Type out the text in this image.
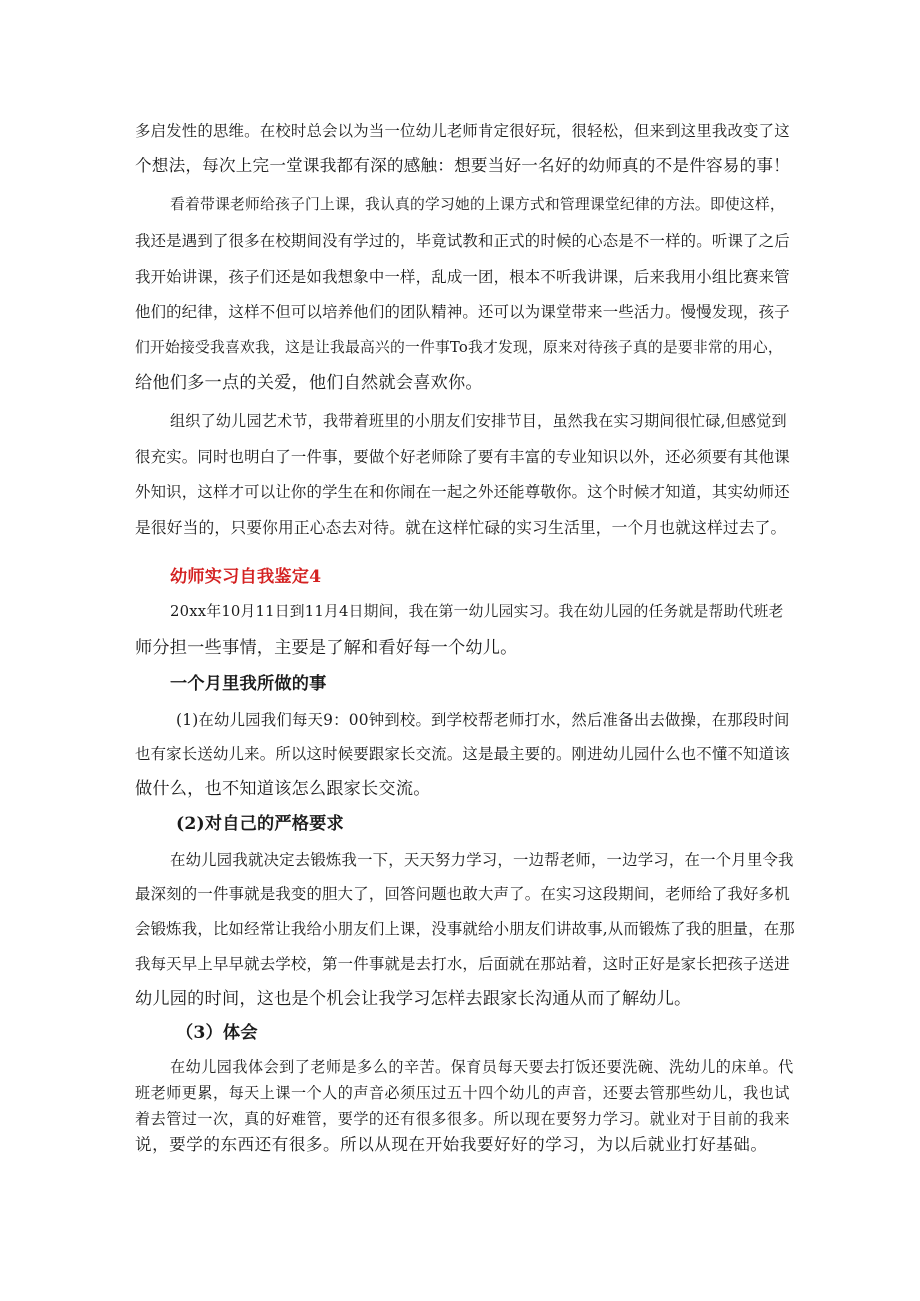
多启发性的思维。在校时总会以为当一位幼儿老师肯定很好玩，很轻松，但来到这里我改变了这
个想法，每次上完一堂课我都有深的感触：想要当好一名好的幼师真的不是件容易的事！
看着带课老师给孩子门上课，我认真的学习她的上课方式和管理课堂纪律的方法。即使这样，
我还是遇到了很多在校期间没有学过的，毕竟试教和正式的时候的心态是不一样的。听课了之后
我开始讲课，孩子们还是如我想象中一样，乱成一团，根本不听我讲课，后来我用小组比赛来管
他们的纪律，这样不但可以培养他们的团队精神。还可以为课堂带来一些活力。慢慢发现，孩子
们开始接受我喜欢我，这是让我最高兴的一件事To我才发现，原来对待孩子真的是要非常的用心，
给他们多一点的关爱，他们自然就会喜欢你。
组织了幼儿园艺术节，我带着班里的小朋友们安排节目，虽然我在实习期间很忙碌,但感觉到
很充实。同时也明白了一件事，要做个好老师除了要有丰富的专业知识以外，还必须要有其他课
外知识，这样才可以让你的学生在和你闹在一起之外还能尊敬你。这个时候才知道，其实幼师还
是很好当的，只要你用正心态去对待。就在这样忙碌的实习生活里，一个月也就这样过去了。
幼师实习自我鉴定4
20xx年10月11日到11月4日期间，我在第一幼儿园实习。我在幼儿园的任务就是帮助代班老
师分担一些事情，主要是了解和看好每一个幼儿。
一个月里我所做的事
(1)在幼儿园我们每天9：00钟到校。到学校帮老师打水，然后准备出去做操，在那段时间
也有家长送幼儿来。所以这时候要跟家长交流。这是最主要的。刚进幼儿园什么也不懂不知道该
做什么，也不知道该怎么跟家长交流。
(2)对自己的严格要求
在幼儿园我就决定去锻炼我一下，天天努力学习，一边帮老师，一边学习，在一个月里令我
最深刻的一件事就是我变的胆大了，回答问题也敢大声了。在实习这段期间，老师给了我好多机
会锻炼我，比如经常让我给小朋友们上课，没事就给小朋友们讲故事,从而锻炼了我的胆量，在那
我每天早上早早就去学校，第一件事就是去打水，后面就在那站着，这时正好是家长把孩子送进
幼儿园的时间，这也是个机会让我学习怎样去跟家长沟通从而了解幼儿。
（3）体会
在幼儿园我体会到了老师是多么的辛苦。保育员每天要去打饭还要洗碗、洗幼儿的床单。代
班老师更累，每天上课一个人的声音必须压过五十四个幼儿的声音，还要去管那些幼儿，我也试
着去管过一次，真的好难管，要学的还有很多很多。所以现在要努力学习。就业对于目前的我来
说，要学的东西还有很多。所以从现在开始我要好好的学习，为以后就业打好基础。
